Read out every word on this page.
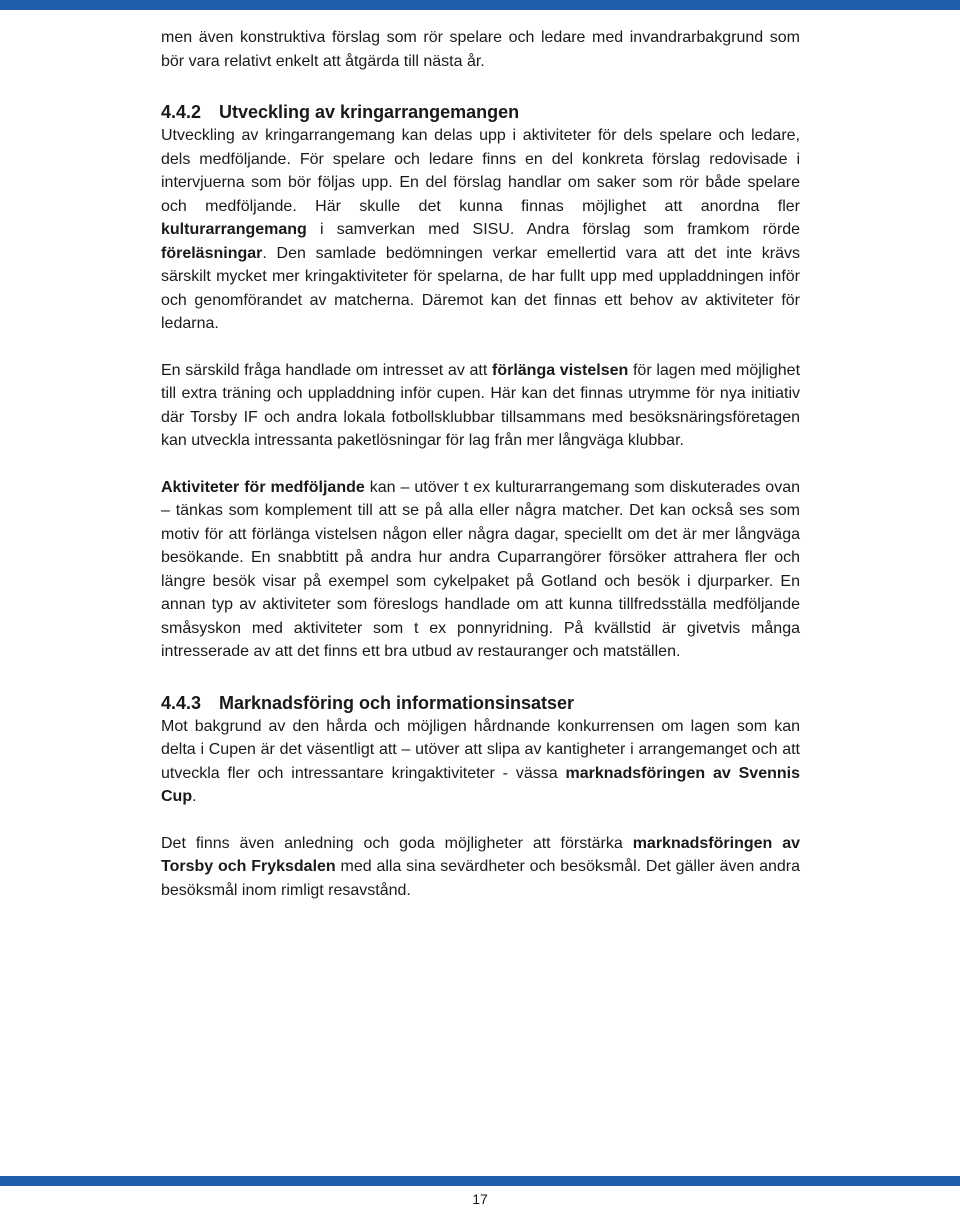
men även konstruktiva förslag som rör spelare och ledare med invandrarbakgrund som bör vara relativt enkelt att åtgärda till nästa år.

4.4.2 Utveckling av kringarrangemangen

Utveckling av kringarrangemang kan delas upp i aktiviteter för dels spelare och ledare, dels medföljande. För spelare och ledare finns en del konkreta förslag redovisade i intervjuerna som bör följas upp. En del förslag handlar om saker som rör både spelare och medföljande. Här skulle det kunna finnas möjlighet att anordna fler kulturarrangemang i samverkan med SISU. Andra förslag som framkom rörde föreläsningar. Den samlade bedömningen verkar emellertid vara att det inte krävs särskilt mycket mer kringaktiviteter för spelarna, de har fullt upp med uppladdningen inför och genomförandet av matcherna. Däremot kan det finnas ett behov av aktiviteter för ledarna.

En särskild fråga handlade om intresset av att förlänga vistelsen för lagen med möjlighet till extra träning och uppladdning inför cupen. Här kan det finnas utrymme för nya initiativ där Torsby IF och andra lokala fotbollsklubbar tillsammans med besöksnäringsföretagen kan utveckla intressanta paketlösningar för lag från mer långväga klubbar.

Aktiviteter för medföljande kan – utöver t ex kulturarrangemang som diskuterades ovan – tänkas som komplement till att se på alla eller några matcher. Det kan också ses som motiv för att förlänga vistelsen någon eller några dagar, speciellt om det är mer långväga besökande. En snabbtitt på andra hur andra Cuparrangörer försöker attrahera fler och längre besök visar på exempel som cykelpaket på Gotland och besök i djurparker. En annan typ av aktiviteter som föreslogs handlade om att kunna tillfredsställa medföljande småsyskon med aktiviteter som t ex ponnyridning. På kvällstid är givetvis många intresserade av att det finns ett bra utbud av restauranger och matställen.

4.4.3 Marknadsföring och informationsinsatser

Mot bakgrund av den hårda och möjligen hårdnande konkurrensen om lagen som kan delta i Cupen är det väsentligt att – utöver att slipa av kantigheter i arrangemanget och att utveckla fler och intressantare kringaktiviteter - vässa marknadsföringen av Svennis Cup.

Det finns även anledning och goda möjligheter att förstärka marknadsföringen av Torsby och Fryksdalen med alla sina sevärdheter och besöksmål. Det gäller även andra besöksmål inom rimligt resavstånd.

17
